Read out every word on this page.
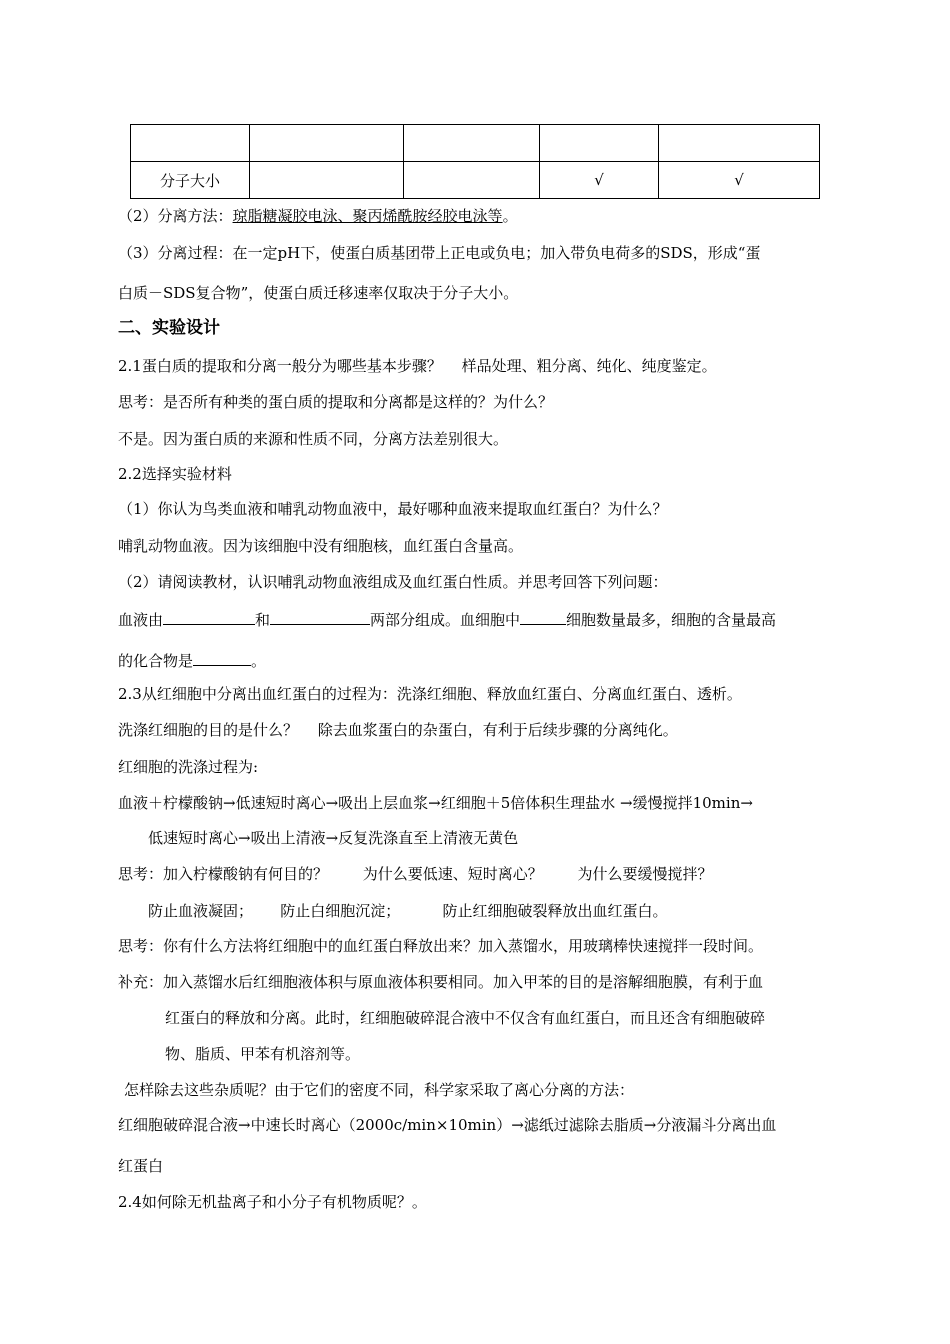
分子大小			√	√
（2）分离方法：琼脂糖凝胶电泳、聚丙烯酰胺经胶电泳等。
（3）分离过程：在一定pH下，使蛋白质基团带上正电或负电；加入带负电荷多的SDS，形成“蛋
白质－SDS复合物”，使蛋白质迁移速率仅取决于分子大小。
二、实验设计
2.1蛋白质的提取和分离一般分为哪些基本步骤？　 样品处理、粗分离、纯化、纯度鉴定。
思考：是否所有种类的蛋白质的提取和分离都是这样的？为什么？
不是。因为蛋白质的来源和性质不同，分离方法差别很大。
2.2选择实验材料
（1）你认为鸟类血液和哺乳动物血液中，最好哪种血液来提取血红蛋白？为什么？
哺乳动物血液。因为该细胞中没有细胞核，血红蛋白含量高。
（2）请阅读教材，认识哺乳动物血液组成及血红蛋白性质。并思考回答下列问题：
血液由	和	两部分组成。血细胞中	细胞数量最多，细胞的含量最高
的化合物是	。
2.3从红细胞中分离出血红蛋白的过程为：洗涤红细胞、释放血红蛋白、分离血红蛋白、透析。
洗涤红细胞的目的是什么？　 除去血浆蛋白的杂蛋白，有利于后续步骤的分离纯化。
红细胞的洗涤过程为:
血液＋柠檬酸钠→低速短时离心→吸出上层血浆→红细胞＋5倍体积生理盐水 →缓慢搅拌10min→
低速短时离心→吸出上清液→反复洗涤直至上清液无黄色
思考：加入柠檬酸钠有何目的？　　 为什么要低速、短时离心？　　 为什么要缓慢搅拌？
防止血液凝固；　　 防止白细胞沉淀；　　　 防止红细胞破裂释放出血红蛋白。
思考：你有什么方法将红细胞中的血红蛋白释放出来？加入蒸馏水，用玻璃棒快速搅拌一段时间。
补充：加入蒸馏水后红细胞液体积与原血液体积要相同。加入甲苯的目的是溶解细胞膜，有利于血
红蛋白的释放和分离。此时，红细胞破碎混合液中不仅含有血红蛋白，而且还含有细胞破碎
物、脂质、甲苯有机溶剂等。
怎样除去这些杂质呢？由于它们的密度不同，科学家采取了离心分离的方法：
红细胞破碎混合液→中速长时离心（2000c/min×10min）→滤纸过滤除去脂质→分液漏斗分离出血
红蛋白
2.4如何除无机盐离子和小分子有机物质呢？。
